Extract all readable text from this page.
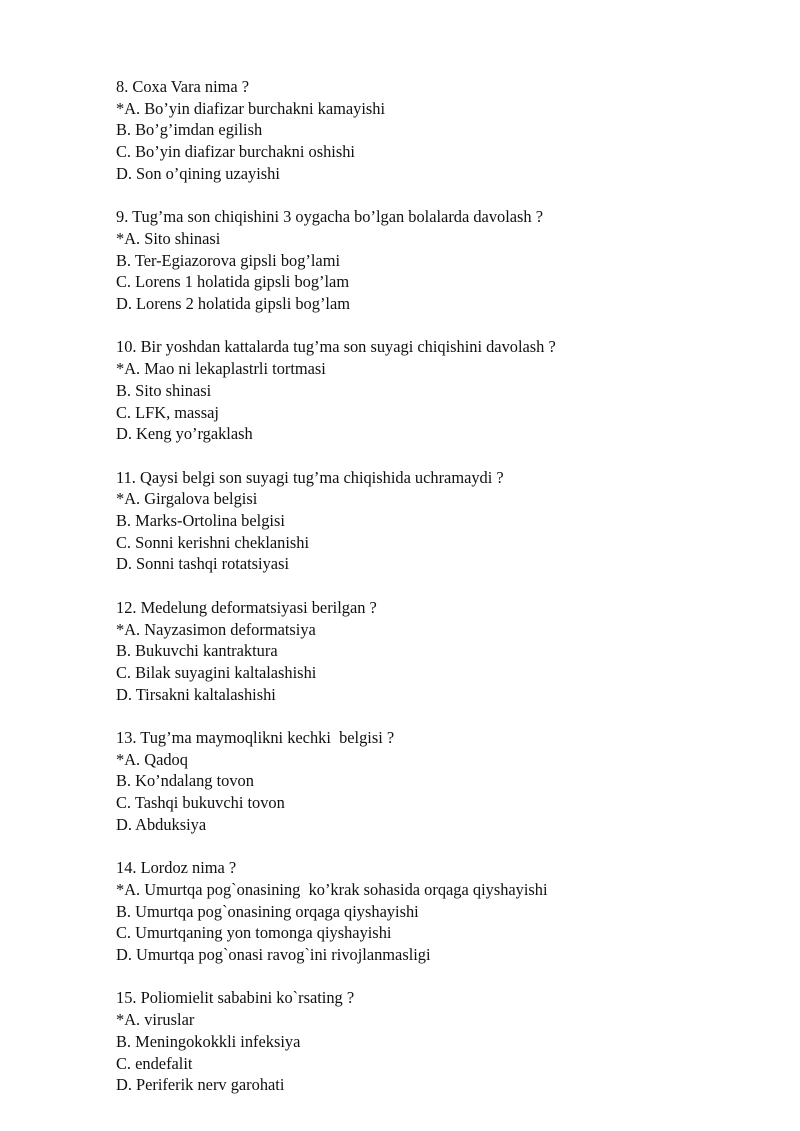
8. Coxa Vara nima ?
*A. Bo’yin diafizar burchakni kamayishi
B. Bo’g’imdan egilish
C. Bo’yin diafizar burchakni oshishi
D. Son o’qining uzayishi
9. Tug’ma son chiqishini 3 oygacha bo’lgan bolalarda davolash ?
*A. Sito shinasi
B. Ter-Egiazorova gipsli bog’lami
C. Lorens 1 holatida gipsli bog’lam
D. Lorens 2 holatida gipsli bog’lam
10. Bir yoshdan kattalarda tug’ma son suyagi chiqishini davolash ?
*A. Mao ni lekaplastrli tortmasi
B. Sito shinasi
C. LFK, massaj
D. Keng yo’rgaklash
11. Qaysi belgi son suyagi tug’ma chiqishida uchramaydi ?
*A. Girgalova belgisi
B. Marks-Ortolina belgisi
C. Sonni kerishni cheklanishi
D. Sonni tashqi rotatsiyasi
12. Medelung deformatsiyasi berilgan ?
*A. Nayzasimon deformatsiya
B. Bukuvchi kantraktura
C. Bilak suyagini kaltalashishi
D. Tirsakni kaltalashishi
13. Tug’ma maymoqlikni kechki  belgisi ?
*A. Qadoq
B. Ko’ndalang tovon
C. Tashqi bukuvchi tovon
D. Abduksiya
14. Lordoz nima ?
*A. Umurtqa pog`onasining  ko’krak sohasida orqaga qiyshayishi
B. Umurtqa pog`onasining orqaga qiyshayishi
C. Umurtqaning yon tomonga qiyshayishi
D. Umurtqa pog`onasi ravog`ini rivojlanmasligi
15. Poliomielit sababini ko`rsating ?
*A. viruslar
B. Meningokokkli infeksiya
C. endefalit
D. Periferik nerv garohati
